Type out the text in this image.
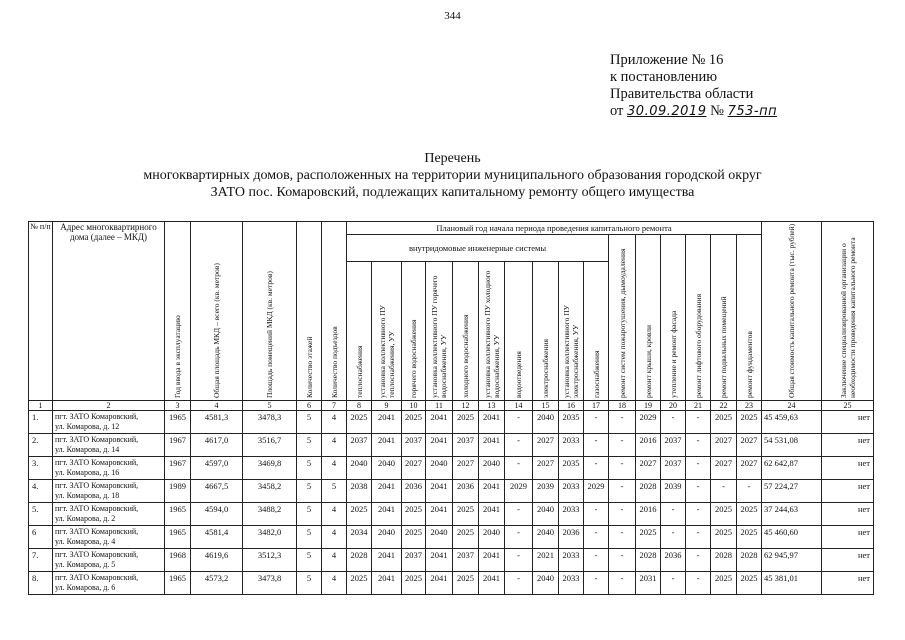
344
Приложение № 16
к постановлению
Правительства области
от 30.09.2019 № 753-пп
Перечень
многоквартирных домов, расположенных на территории муниципального образования городской округ
ЗАТО пос. Комаровский, подлежащих капитальному ремонту общего имущества
№ п/п	Адрес многоквартирного дома (далее – МКД)	Год ввода в эксплуатацию	Общая площадь МКД – всего (кв. метров)	Площадь помещений МКД (кв. метров)	Количество этажей	Количество подъездов	Плановый год начала периода проведения капитального ремонта																Общая стоимость капитального ремонта (тыс. рублей)	Заключение специализированной организации о необходимости проведения капитального ремонта

							внутридомовые инженерные системы										ремонт систем пожаротушения, дымоудаления	ремонт крыши, кровли	утепление и ремонт фасада	ремонт лифтового оборудования	ремонт подвальных помещений	ремонт фундаментов		

							теплоснабжения	установка коллективного ПУ теплоснабжения, УУ	горячего водоснабжения	установка коллективного ПУ горячего водоснабжения, УУ	холодного водоснабжения	установка коллективного ПУ холодного водоснабжения, УУ	водоотведения	электроснабжения	установка коллективного ПУ электроснабжения, УУ	газоснабжения								

1	2	3	4	5	6	7	8	9	10	11	12	13	14	15	16	17	18	19	20	21	22	23	24	25
1.	пгт. ЗАТО Комаровский,
ул. Комарова, д. 12	1965	4581,3	3478,3	5	4	2025	2041	2025	2041	2025	2041	-	2040	2035	-	-	2029	-	-	2025	2025	45 459,63	нет
2.	пгт. ЗАТО Комаровский,
ул. Комарова, д. 14	1967	4617,0	3516,7	5	4	2037	2041	2037	2041	2037	2041	-	2027	2033	-	-	2016	2037	-	2027	2027	54 531,08	нет
3.	пгт. ЗАТО Комаровский,
ул. Комарова, д. 16	1967	4597,0	3469,8	5	4	2040	2040	2027	2040	2027	2040	-	2027	2035	-	-	2027	2037	-	2027	2027	62 642,87	нет
4.	пгт. ЗАТО Комаровский,
ул. Комарова, д. 18	1989	4667,5	3458,2	5	5	2038	2041	2036	2041	2036	2041	2029	2039	2033	2029	-	2028	2039	-	-	-	57 224,27	нет
5.	пгт. ЗАТО Комаровский,
ул. Комарова, д. 2	1965	4594,0	3488,2	5	4	2025	2041	2025	2041	2025	2041	-	2040	2033	-	-	2016	-	-	2025	2025	37 244,63	нет
6	пгт. ЗАТО Комаровский,
ул. Комарова, д. 4	1965	4581,4	3482,0	5	4	2034	2040	2025	2040	2025	2040	-	2040	2036	-	-	2025	-	-	2025	2025	45 460,60	нет
7.	пгт. ЗАТО Комаровский,
ул. Комарова, д. 5	1968	4619,6	3512,3	5	4	2028	2041	2037	2041	2037	2041	-	2021	2033	-	-	2028	2036	-	2028	2028	62 945,97	нет
8.	пгт. ЗАТО Комаровский,
ул. Комарова, д. 6	1965	4573,2	3473,8	5	4	2025	2041	2025	2041	2025	2041	-	2040	2033	-	-	2031	-	-	2025	2025	45 381,01	нет
